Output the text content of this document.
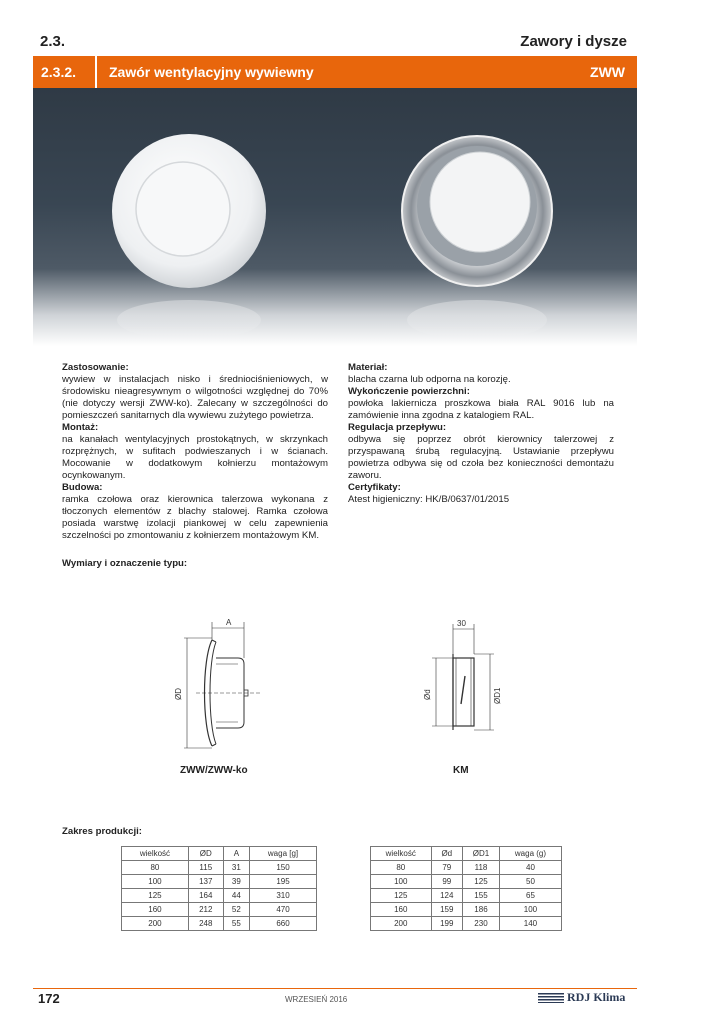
2.3.	Zawory i dysze
2.3.2. Zawór wentylacyjny wywiewny	ZWW
Zastosowanie:
wywiew w instalacjach nisko i średniociśnieniowych, w środowisku nieagresywnym o wilgotności względnej do 70% (nie dotyczy wersji ZWW-ko). Zalecany w szczególności do pomieszczeń sanitarnych dla wywiewu zużytego powietrza.
Montaż:
na kanałach wentylacyjnych prostokątnych, w skrzynkach rozprężnych, w sufitach podwieszanych i w ścianach. Mocowanie w dodatkowym kołnierzu montażowym ocynkowanym.
Budowa:
ramka czołowa oraz kierownica talerzowa wykonana z tłoczonych elementów z blachy stalowej. Ramka czołowa posiada warstwę izolacji piankowej w celu zapewnienia szczelności po zmontowaniu z kołnierzem montażowym KM.
Materiał:
blacha czarna lub odporna na korozję.
Wykończenie powierzchni:
powłoka lakiernicza proszkowa biała RAL 9016 lub na zamówienie inna zgodna z katalogiem RAL.
Regulacja przepływu:
odbywa się poprzez obrót kierownicy talerzowej z przyspawaną śrubą regulacyjną. Ustawianie przepływu powietrza odbywa się od czoła bez konieczności demontażu zaworu.
Certyfikaty:
Atest higieniczny: HK/B/0637/01/2015
Wymiary i oznaczenie typu:
A
ØD
30
Ød	ØD1
ZWW/ZWW-ko	KM
Zakres produkcji:
wielkość	ØD	A	waga [g]
80	115	31	150
100	137	39	195
125	164	44	310
160	212	52	470
200	248	55	660
wielkość	Ød	ØD1	waga (g)
80	79	118	40
100	99	125	50
125	124	155	65
160	159	186	100
200	199	230	140
172	WRZESIEŃ 2016	RDJ Klima
